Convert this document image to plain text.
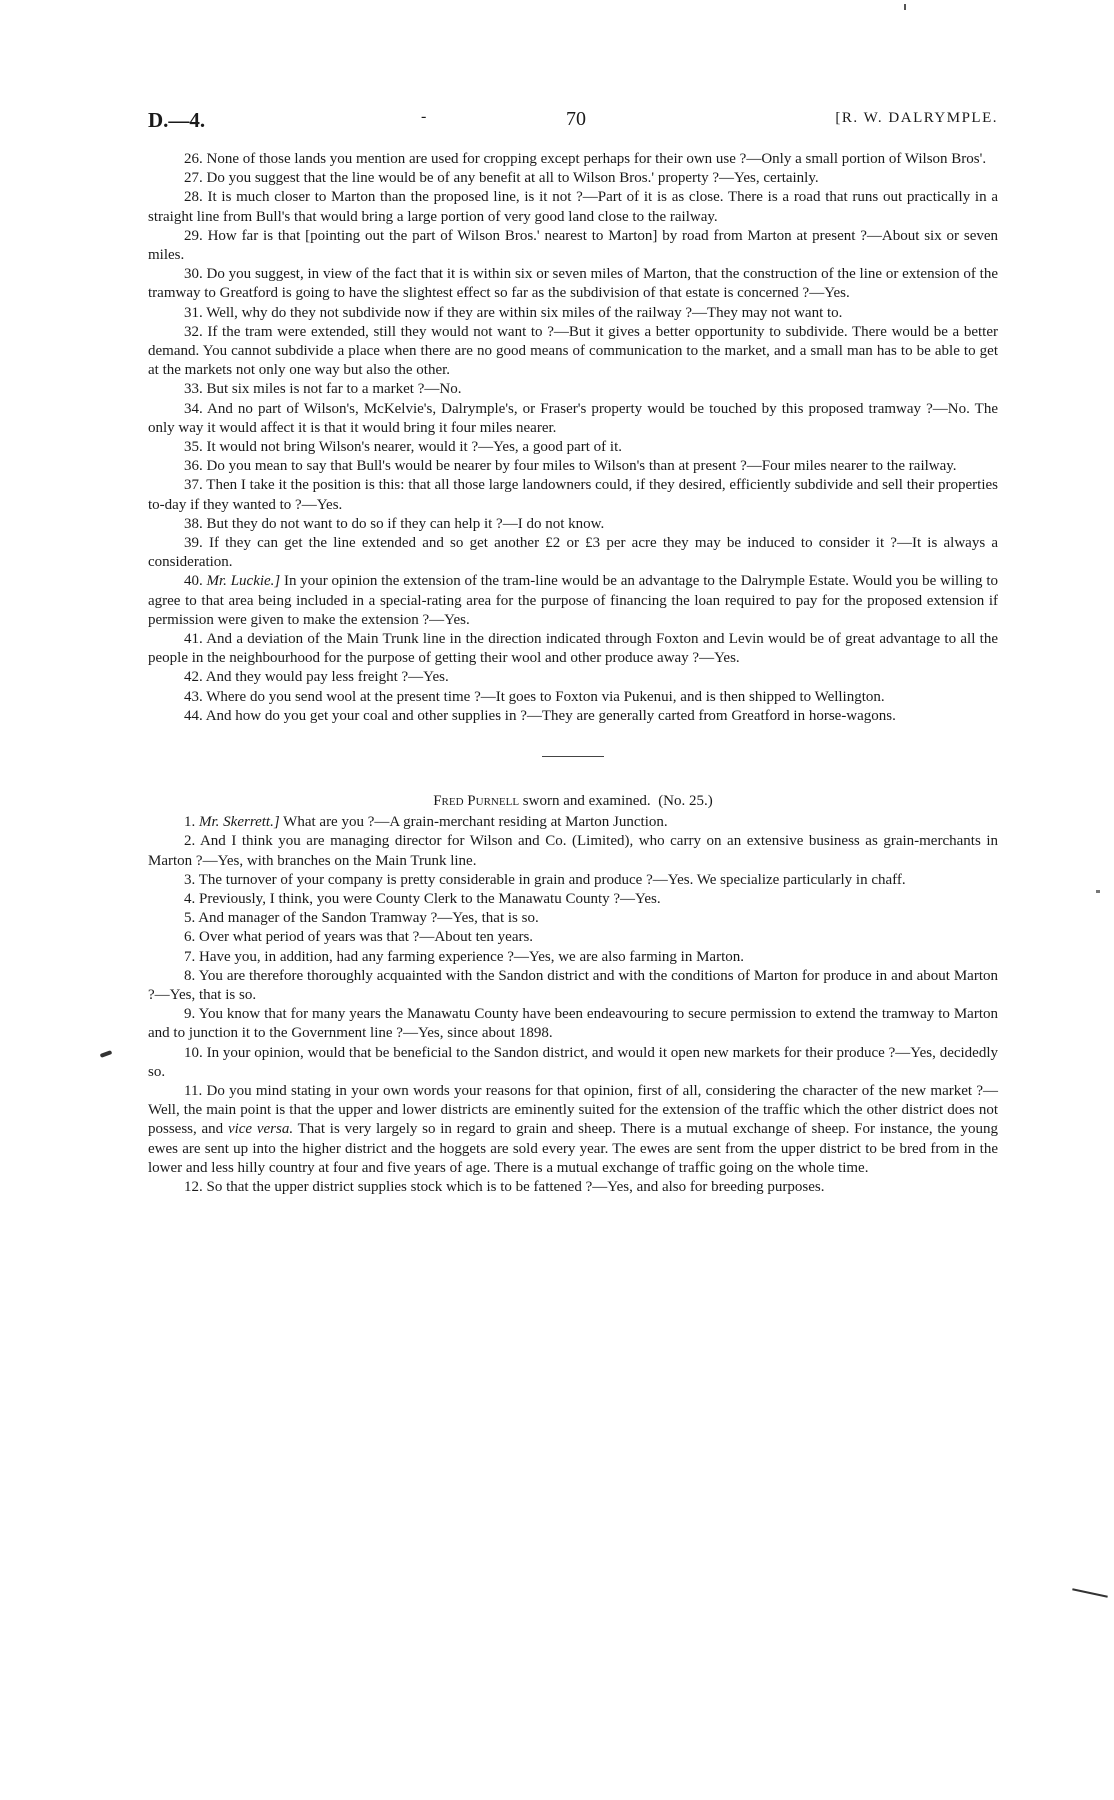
D.—4.	-	70	[R. W. DALRYMPLE.

26. None of those lands you mention are used for cropping except perhaps for their own use ?—Only a small portion of Wilson Bros'.

27. Do you suggest that the line would be of any benefit at all to Wilson Bros.' property ?—Yes, certainly.

28. It is much closer to Marton than the proposed line, is it not ?—Part of it is as close. There is a road that runs out practically in a straight line from Bull's that would bring a large portion of very good land close to the railway.

29. How far is that [pointing out the part of Wilson Bros.' nearest to Marton] by road from Marton at present ?—About six or seven miles.

30. Do you suggest, in view of the fact that it is within six or seven miles of Marton, that the construction of the line or extension of the tramway to Greatford is going to have the slightest effect so far as the subdivision of that estate is concerned ?—Yes.

31. Well, why do they not subdivide now if they are within six miles of the railway ?—They may not want to.

32. If the tram were extended, still they would not want to ?—But it gives a better opportunity to subdivide. There would be a better demand. You cannot subdivide a place when there are no good means of communication to the market, and a small man has to be able to get at the markets not only one way but also the other.

33. But six miles is not far to a market ?—No.

34. And no part of Wilson's, McKelvie's, Dalrymple's, or Fraser's property would be touched by this proposed tramway ?—No. The only way it would affect it is that it would bring it four miles nearer.

35. It would not bring Wilson's nearer, would it ?—Yes, a good part of it.

36. Do you mean to say that Bull's would be nearer by four miles to Wilson's than at present ?—Four miles nearer to the railway.

37. Then I take it the position is this: that all those large landowners could, if they desired, efficiently subdivide and sell their properties to-day if they wanted to ?—Yes.

38. But they do not want to do so if they can help it ?—I do not know.

39. If they can get the line extended and so get another £2 or £3 per acre they may be induced to consider it ?—It is always a consideration.

40. Mr. Luckie.] In your opinion the extension of the tram-line would be an advantage to the Dalrymple Estate. Would you be willing to agree to that area being included in a special-rating area for the purpose of financing the loan required to pay for the proposed extension if permission were given to make the extension ?—Yes.

41. And a deviation of the Main Trunk line in the direction indicated through Foxton and Levin would be of great advantage to all the people in the neighbourhood for the purpose of getting their wool and other produce away ?—Yes.

42. And they would pay less freight ?—Yes.

43. Where do you send wool at the present time ?—It goes to Foxton via Pukenui, and is then shipped to Wellington.

44. And how do you get your coal and other supplies in ?—They are generally carted from Greatford in horse-wagons.

Fred Purnell sworn and examined. (No. 25.)

1. Mr. Skerrett.] What are you ?—A grain-merchant residing at Marton Junction.

2. And I think you are managing director for Wilson and Co. (Limited), who carry on an extensive business as grain-merchants in Marton ?—Yes, with branches on the Main Trunk line.

3. The turnover of your company is pretty considerable in grain and produce ?—Yes. We specialize particularly in chaff.

4. Previously, I think, you were County Clerk to the Manawatu County ?—Yes.

5. And manager of the Sandon Tramway ?—Yes, that is so.

6. Over what period of years was that ?—About ten years.

7. Have you, in addition, had any farming experience ?—Yes, we are also farming in Marton.

8. You are therefore thoroughly acquainted with the Sandon district and with the conditions of Marton for produce in and about Marton ?—Yes, that is so.

9. You know that for many years the Manawatu County have been endeavouring to secure permission to extend the tramway to Marton and to junction it to the Government line ?—Yes, since about 1898.

10. In your opinion, would that be beneficial to the Sandon district, and would it open new markets for their produce ?—Yes, decidedly so.

11. Do you mind stating in your own words your reasons for that opinion, first of all, considering the character of the new market ?—Well, the main point is that the upper and lower districts are eminently suited for the extension of the traffic which the other district does not possess, and vice versa. That is very largely so in regard to grain and sheep. There is a mutual exchange of sheep. For instance, the young ewes are sent up into the higher district and the hoggets are sold every year. The ewes are sent from the upper district to be bred from in the lower and less hilly country at four and five years of age. There is a mutual exchange of traffic going on the whole time.

12. So that the upper district supplies stock which is to be fattened ?—Yes, and also for breeding purposes.
